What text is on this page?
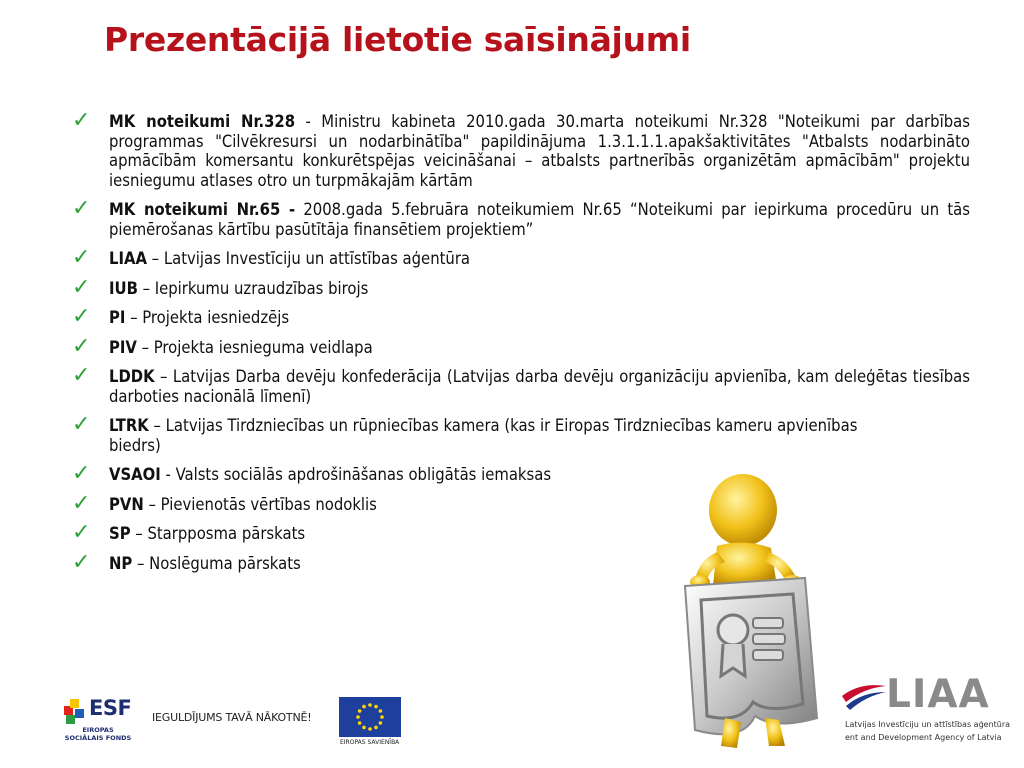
Prezentācijā lietotie saīsinājumi
✓	MK noteikumi Nr.328 - Ministru kabineta 2010.gada 30.marta noteikumi Nr.328 "Noteikumi par darbības programmas "Cilvēkresursi un nodarbinātība" papildinājuma 1.3.1.1.1.apakšaktivitātes "Atbalsts nodarbināto apmācībām komersantu konkurētspējas veicināšanai – atbalsts partnerībās organizētām apmācībām" projektu iesniegumu atlases otro un turpmākajām kārtām
✓	MK noteikumi Nr.65 - 2008.gada 5.februāra noteikumiem Nr.65 “Noteikumi par iepirkuma procedūru un tās piemērošanas kārtību pasūtītāja finansētiem projektiem”
✓	LIAA – Latvijas Investīciju un attīstības aģentūra
✓	IUB – Iepirkumu uzraudzības birojs
✓	PI – Projekta iesniedzējs
✓	PIV – Projekta iesnieguma veidlapa
✓	LDDK – Latvijas Darba devēju konfederācija (Latvijas darba devēju organizāciju apvienība, kam deleģētas tiesības darboties nacionālā līmenī)
✓	LTRK – Latvijas Tirdzniecības un rūpniecības kamera (kas ir Eiropas Tirdzniecības kameru apvienības biedrs)
✓	VSAOI - Valsts sociālās apdrošināšanas obligātās iemaksas
✓	PVN – Pievienotās vērtības nodoklis
✓	SP – Starpposma pārskats
✓	NP – Noslēguma pārskats
ESF
EIROPAS SOCIĀLAIS FONDS
IEGULDĪJUMS TAVĀ NĀKOTNĒ!
EIROPAS SAVIENĪBA
LIAA
Latvijas Investīciju un attīstības aģentūra
ent and Development Agency of Latvia
